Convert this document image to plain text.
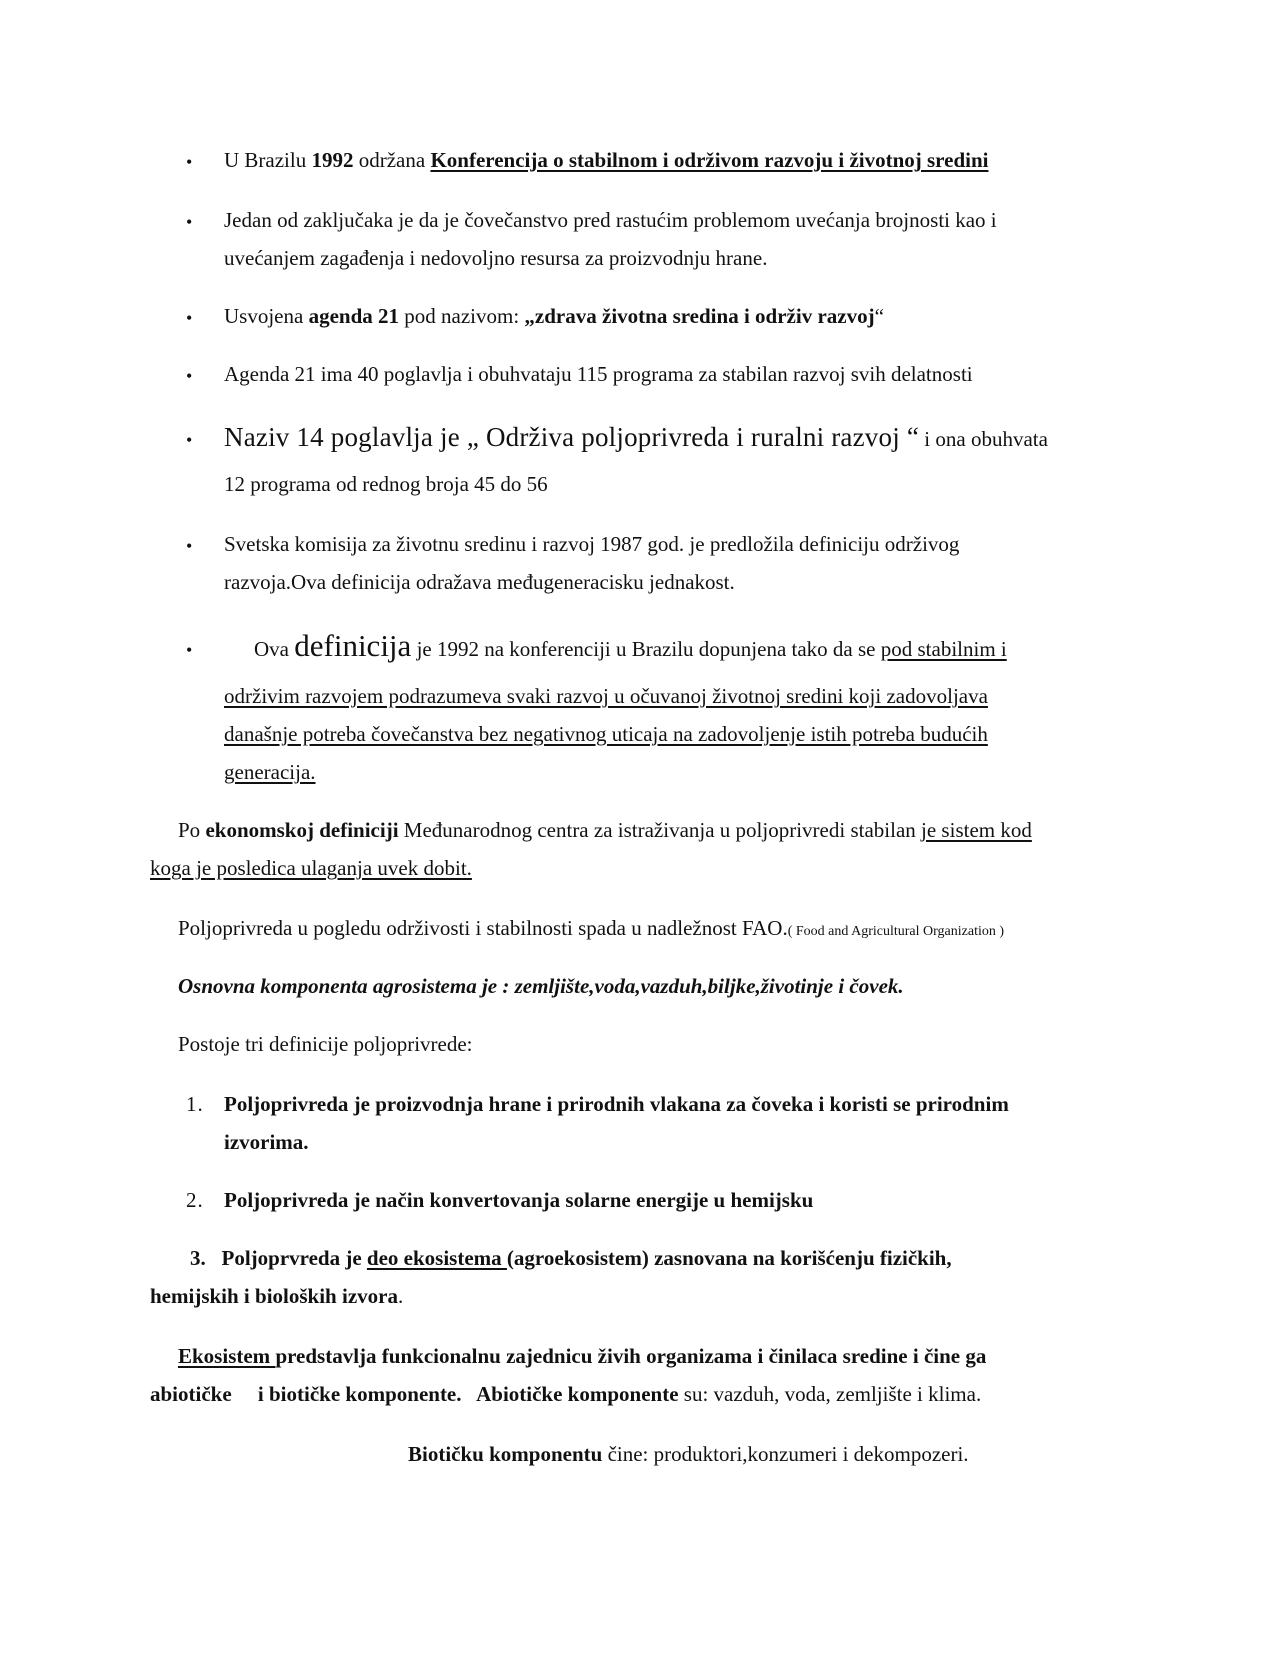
• U Brazilu 1992 održana Konferencija o stabilnom i održivom razvoju i životnoj sredini
• Jedan od zaključaka je da je čovečanstvo pred rastućim problemom uvećanja brojnosti kao i
uvećanjem zagađenja i nedovoljno resursa za proizvodnju hrane.
• Usvojena agenda 21 pod nazivom: „zdrava životna sredina i održiv razvoj“
• Agenda 21 ima 40 poglavlja i obuhvataju 115 programa za stabilan razvoj svih delatnosti
• Naziv 14 poglavlja je „ Održiva poljoprivreda i ruralni razvoj “ i ona obuhvata
12 programa od rednog broja 45 do 56
• Svetska komisija za životnu sredinu i razvoj 1987 god. je predložila definiciju održivog
razvoja.Ova definicija odražava međugeneracisku jednakost.
•	Ova definicija je 1992 na konferenciji u Brazilu dopunjena tako da se pod stabilnim i
održivim razvojem podrazumeva svaki razvoj u očuvanoj životnoj sredini koji zadovoljava
današnje potreba čovečanstva bez negativnog uticaja na zadovoljenje istih potreba budućih
generacija.
Po ekonomskoj definiciji Međunarodnog centra za istraživanja u poljoprivredi stabilan je sistem kod
koga je posledica ulaganja uvek dobit.
Poljoprivreda u pogledu održivosti i stabilnosti spada u nadležnost FAO.( Food and Agricultural Organization )
Osnovna komponenta agrosistema je : zemljište,voda,vazduh,biljke,životinje i čovek.
Postoje tri definicije poljoprivrede:
1. Poljoprivreda je proizvodnja hrane i prirodnih vlakana za čoveka i koristi se prirodnim
izvorima.
2. Poljoprivreda je način konvertovanja solarne energije u hemijsku
3. Poljoprvreda je deo ekosistema (agroekosistem) zasnovana na korišćenju fizičkih,
hemijskih i bioloških izvora.
Ekosistem predstavlja funkcionalnu zajednicu živih organizama i činilaca sredine i čine ga
abiotičke     i biotičke komponente.   Abiotičke komponente su: vazduh, voda, zemljište i klima.
Biotičku komponentu čine: produktori,konzumeri i dekompozeri.
